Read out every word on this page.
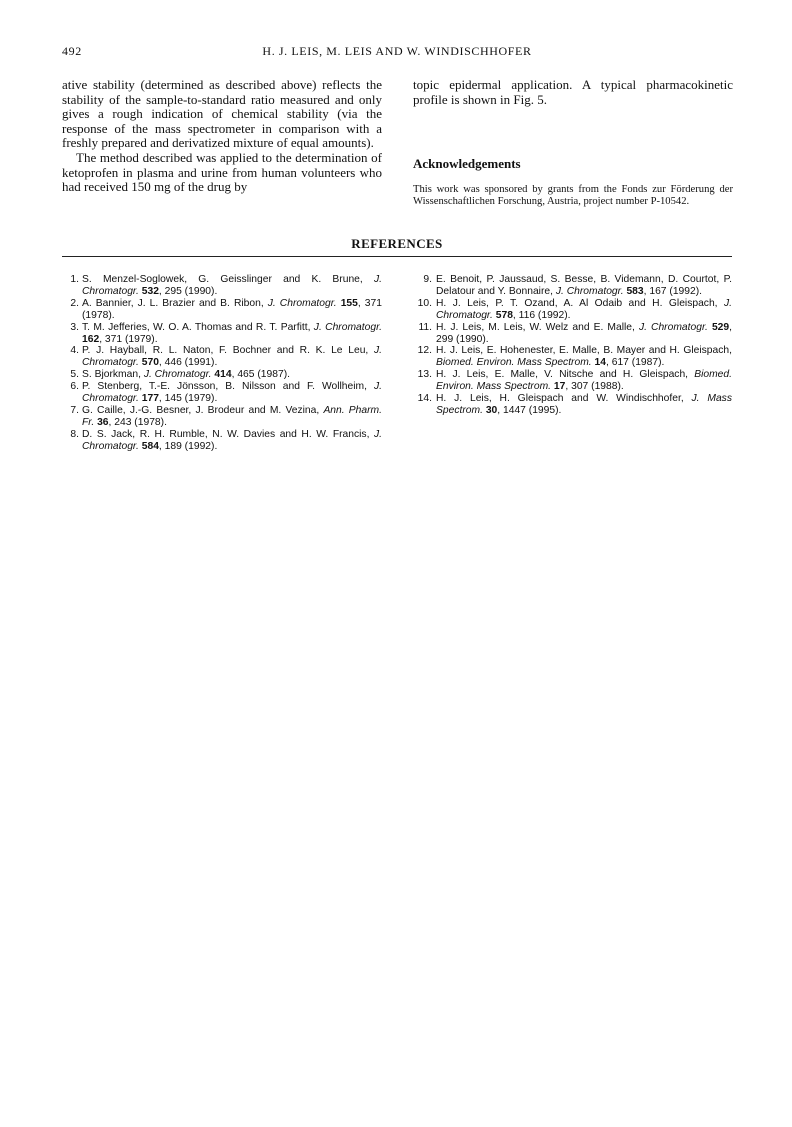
492	H. J. LEIS, M. LEIS AND W. WINDISCHHOFER

ative stability (determined as described above) reflects the stability of the sample-to-standard ratio measured and only gives a rough indication of chemical stability (via the response of the mass spectrometer in comparison with a freshly prepared and derivatized mixture of equal amounts).

The method described was applied to the determination of ketoprofen in plasma and urine from human volunteers who had received 150 mg of the drug by

topic epidermal application. A typical pharmacokinetic profile is shown in Fig. 5.

Acknowledgements
This work was sponsored by grants from the Fonds zur Förderung der Wissenschaftlichen Forschung, Austria, project number P-10542.
REFERENCES
1. S. Menzel-Soglowek, G. Geisslinger and K. Brune, J. Chromatogr. 532, 295 (1990).
2. A. Bannier, J. L. Brazier and B. Ribon, J. Chromatogr. 155, 371 (1978).
3. T. M. Jefferies, W. O. A. Thomas and R. T. Parfitt, J. Chromatogr. 162, 371 (1979).
4. P. J. Hayball, R. L. Naton, F. Bochner and R. K. Le Leu, J. Chromatogr. 570, 446 (1991).
5. S. Bjorkman, J. Chromatogr. 414, 465 (1987).
6. P. Stenberg, T.-E. Jönsson, B. Nilsson and F. Wollheim, J. Chromatogr. 177, 145 (1979).
7. G. Caille, J.-G. Besner, J. Brodeur and M. Vezina, Ann. Pharm. Fr. 36, 243 (1978).
8. D. S. Jack, R. H. Rumble, N. W. Davies and H. W. Francis, J. Chromatogr. 584, 189 (1992).
9. E. Benoit, P. Jaussaud, S. Besse, B. Videmann, D. Courtot, P. Delatour and Y. Bonnaire, J. Chromatogr. 583, 167 (1992).
10. H. J. Leis, P. T. Ozand, A. Al Odaib and H. Gleispach, J. Chromatogr. 578, 116 (1992).
11. H. J. Leis, M. Leis, W. Welz and E. Malle, J. Chromatogr. 529, 299 (1990).
12. H. J. Leis, E. Hohenester, E. Malle, B. Mayer and H. Gleispach, Biomed. Environ. Mass Spectrom. 14, 617 (1987).
13. H. J. Leis, E. Malle, V. Nitsche and H. Gleispach, Biomed. Environ. Mass Spectrom. 17, 307 (1988).
14. H. J. Leis, H. Gleispach and W. Windischhofer, J. Mass Spectrom. 30, 1447 (1995).
